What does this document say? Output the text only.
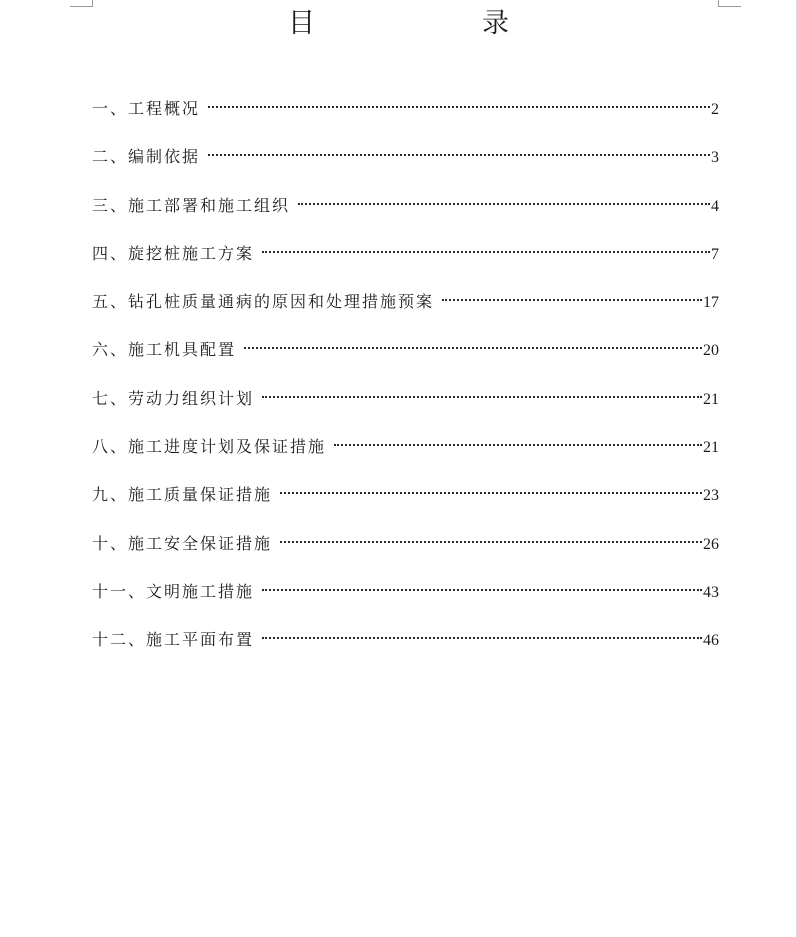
目　录
一、工程概况	2
二、编制依据	3
三、施工部署和施工组织	4
四、旋挖桩施工方案	7
五、钻孔桩质量通病的原因和处理措施预案	17
六、施工机具配置	20
七、劳动力组织计划	21
八、施工进度计划及保证措施	21
九、施工质量保证措施	23
十、施工安全保证措施	26
十一、文明施工措施	43
十二、施工平面布置	46
